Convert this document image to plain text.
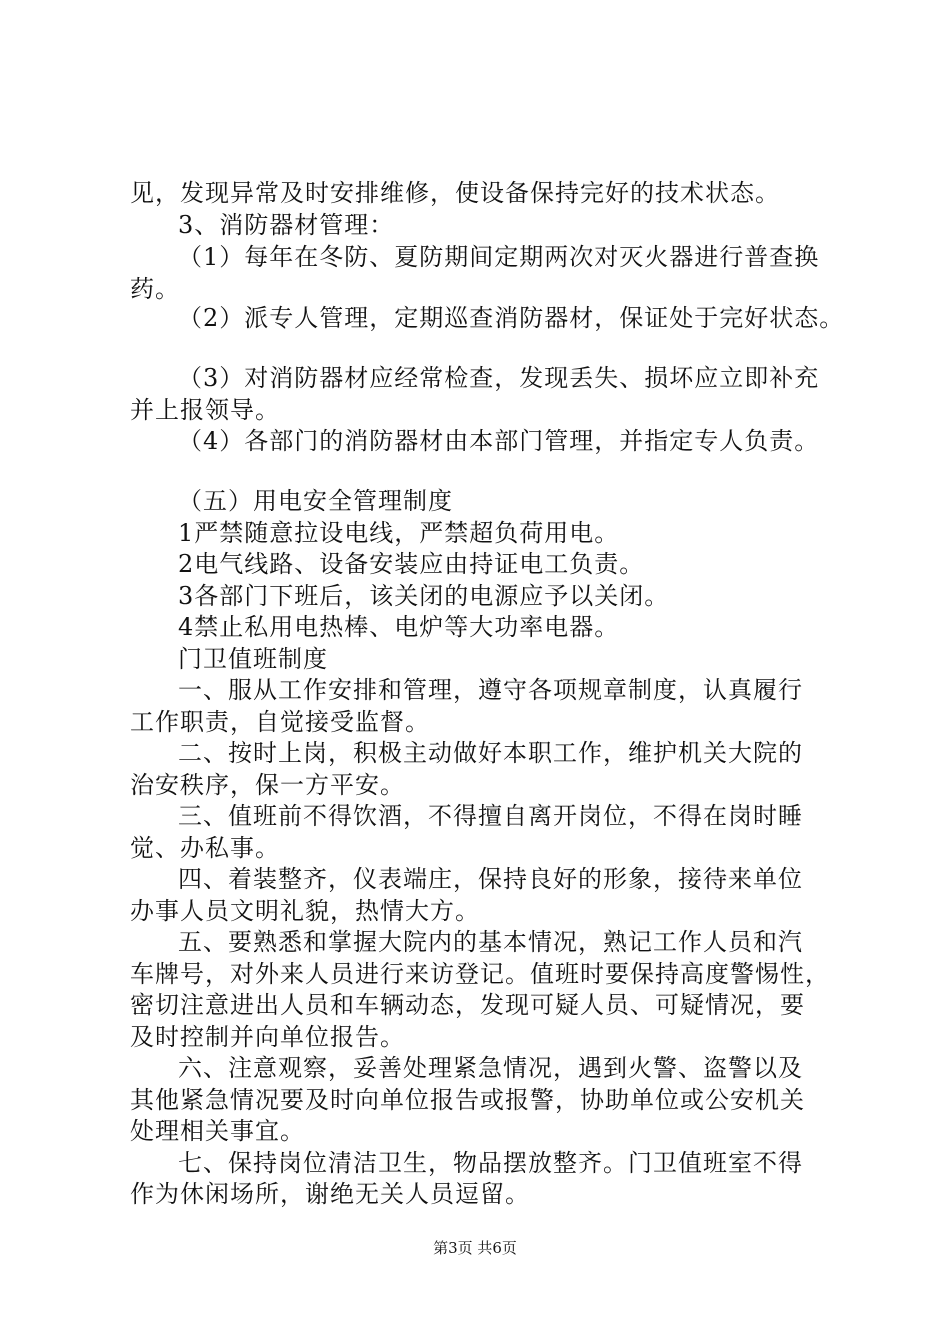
见，发现异常及时安排维修，使设备保持完好的技术状态。
3、消防器材管理：
（1）每年在冬防、夏防期间定期两次对灭火器进行普查换
药。
（2）派专人管理，定期巡查消防器材，保证处于完好状态。
（3）对消防器材应经常检查，发现丢失、损坏应立即补充
并上报领导。
（4）各部门的消防器材由本部门管理，并指定专人负责。
（五）用电安全管理制度
1严禁随意拉设电线，严禁超负荷用电。
2电气线路、设备安装应由持证电工负责。
3各部门下班后，该关闭的电源应予以关闭。
4禁止私用电热棒、电炉等大功率电器。
门卫值班制度
一、服从工作安排和管理，遵守各项规章制度，认真履行
工作职责，自觉接受监督。
二、按时上岗，积极主动做好本职工作，维护机关大院的
治安秩序，保一方平安。
三、值班前不得饮酒，不得擅自离开岗位，不得在岗时睡
觉、办私事。
四、着装整齐，仪表端庄，保持良好的形象，接待来单位
办事人员文明礼貌，热情大方。
五、要熟悉和掌握大院内的基本情况，熟记工作人员和汽
车牌号，对外来人员进行来访登记。值班时要保持高度警惕性，
密切注意进出人员和车辆动态，发现可疑人员、可疑情况，要
及时控制并向单位报告。
六、注意观察，妥善处理紧急情况，遇到火警、盗警以及
其他紧急情况要及时向单位报告或报警，协助单位或公安机关
处理相关事宜。
七、保持岗位清洁卫生，物品摆放整齐。门卫值班室不得
作为休闲场所，谢绝无关人员逗留。
第3页 共6页
